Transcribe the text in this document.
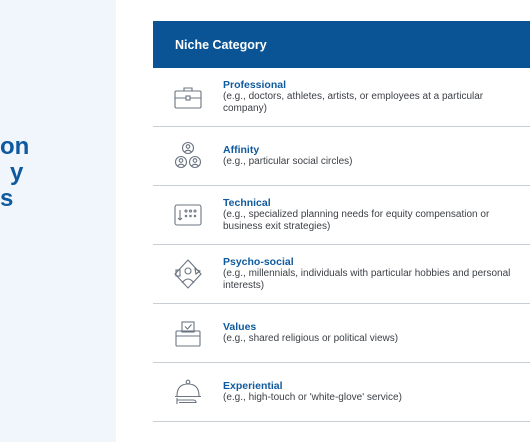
on
y
s
Niche Category
Professional
(e.g., doctors, athletes, artists, or employees at a particular company)
Affinity
(e.g., particular social circles)
Technical
(e.g., specialized planning needs for equity compensation or business exit strategies)
Psycho-social
(e.g., millennials, individuals with particular hobbies and personal interests)
Values
(e.g., shared religious or political views)
Experiential
(e.g., high-touch or 'white-glove' service)
